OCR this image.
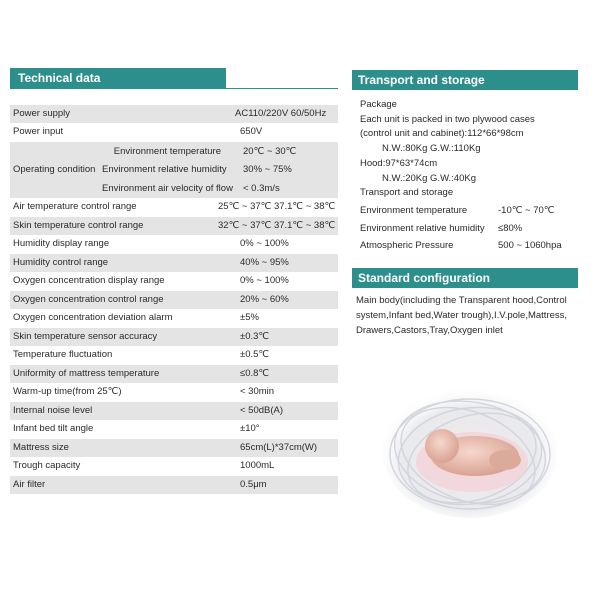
Technical data
Power supply	AC110/220V 60/50Hz
Power input	650V
Operating condition
Environment temperature	20℃ ~ 30℃
Environment relative humidity	30% ~ 75%
Environment air velocity of flow	< 0.3m/s
Air temperature control range	25℃ ~ 37℃ 37.1℃ ~ 38℃
Skin temperature control range	32℃ ~ 37℃ 37.1℃ ~ 38℃
Humidity display range	0% ~ 100%
Humidity control range	40% ~ 95%
Oxygen concentration display range	0% ~ 100%
Oxygen concentration control range	20% ~ 60%
Oxygen concentration deviation alarm	±5%
Skin temperature sensor accuracy	±0.3℃
Temperature fluctuation	±0.5℃
Uniformity of mattress temperature	≤0.8℃
Warm-up time(from 25℃)	< 30min
Internal noise level	< 50dB(A)
Infant bed tilt angle	±10°
Mattress size	65cm(L)*37cm(W)
Trough capacity	1000mL
Air filter	0.5μm
Transport and storage
Package
Each unit is packed in two plywood cases
(control unit and cabinet):112*66*98cm
N.W.:80Kg G.W.:110Kg
Hood:97*63*74cm
N.W.:20Kg G.W.:40Kg
Transport and storage
Environment temperature	-10℃ ~ 70℃
Environment relative humidity	≤80%
Atmospheric Pressure	500 ~ 1060hpa
Standard configuration
Main body(including the Transparent hood,Control system,Infant bed,Water trough),I.V.pole,Mattress, Drawers,Castors,Tray,Oxygen inlet
